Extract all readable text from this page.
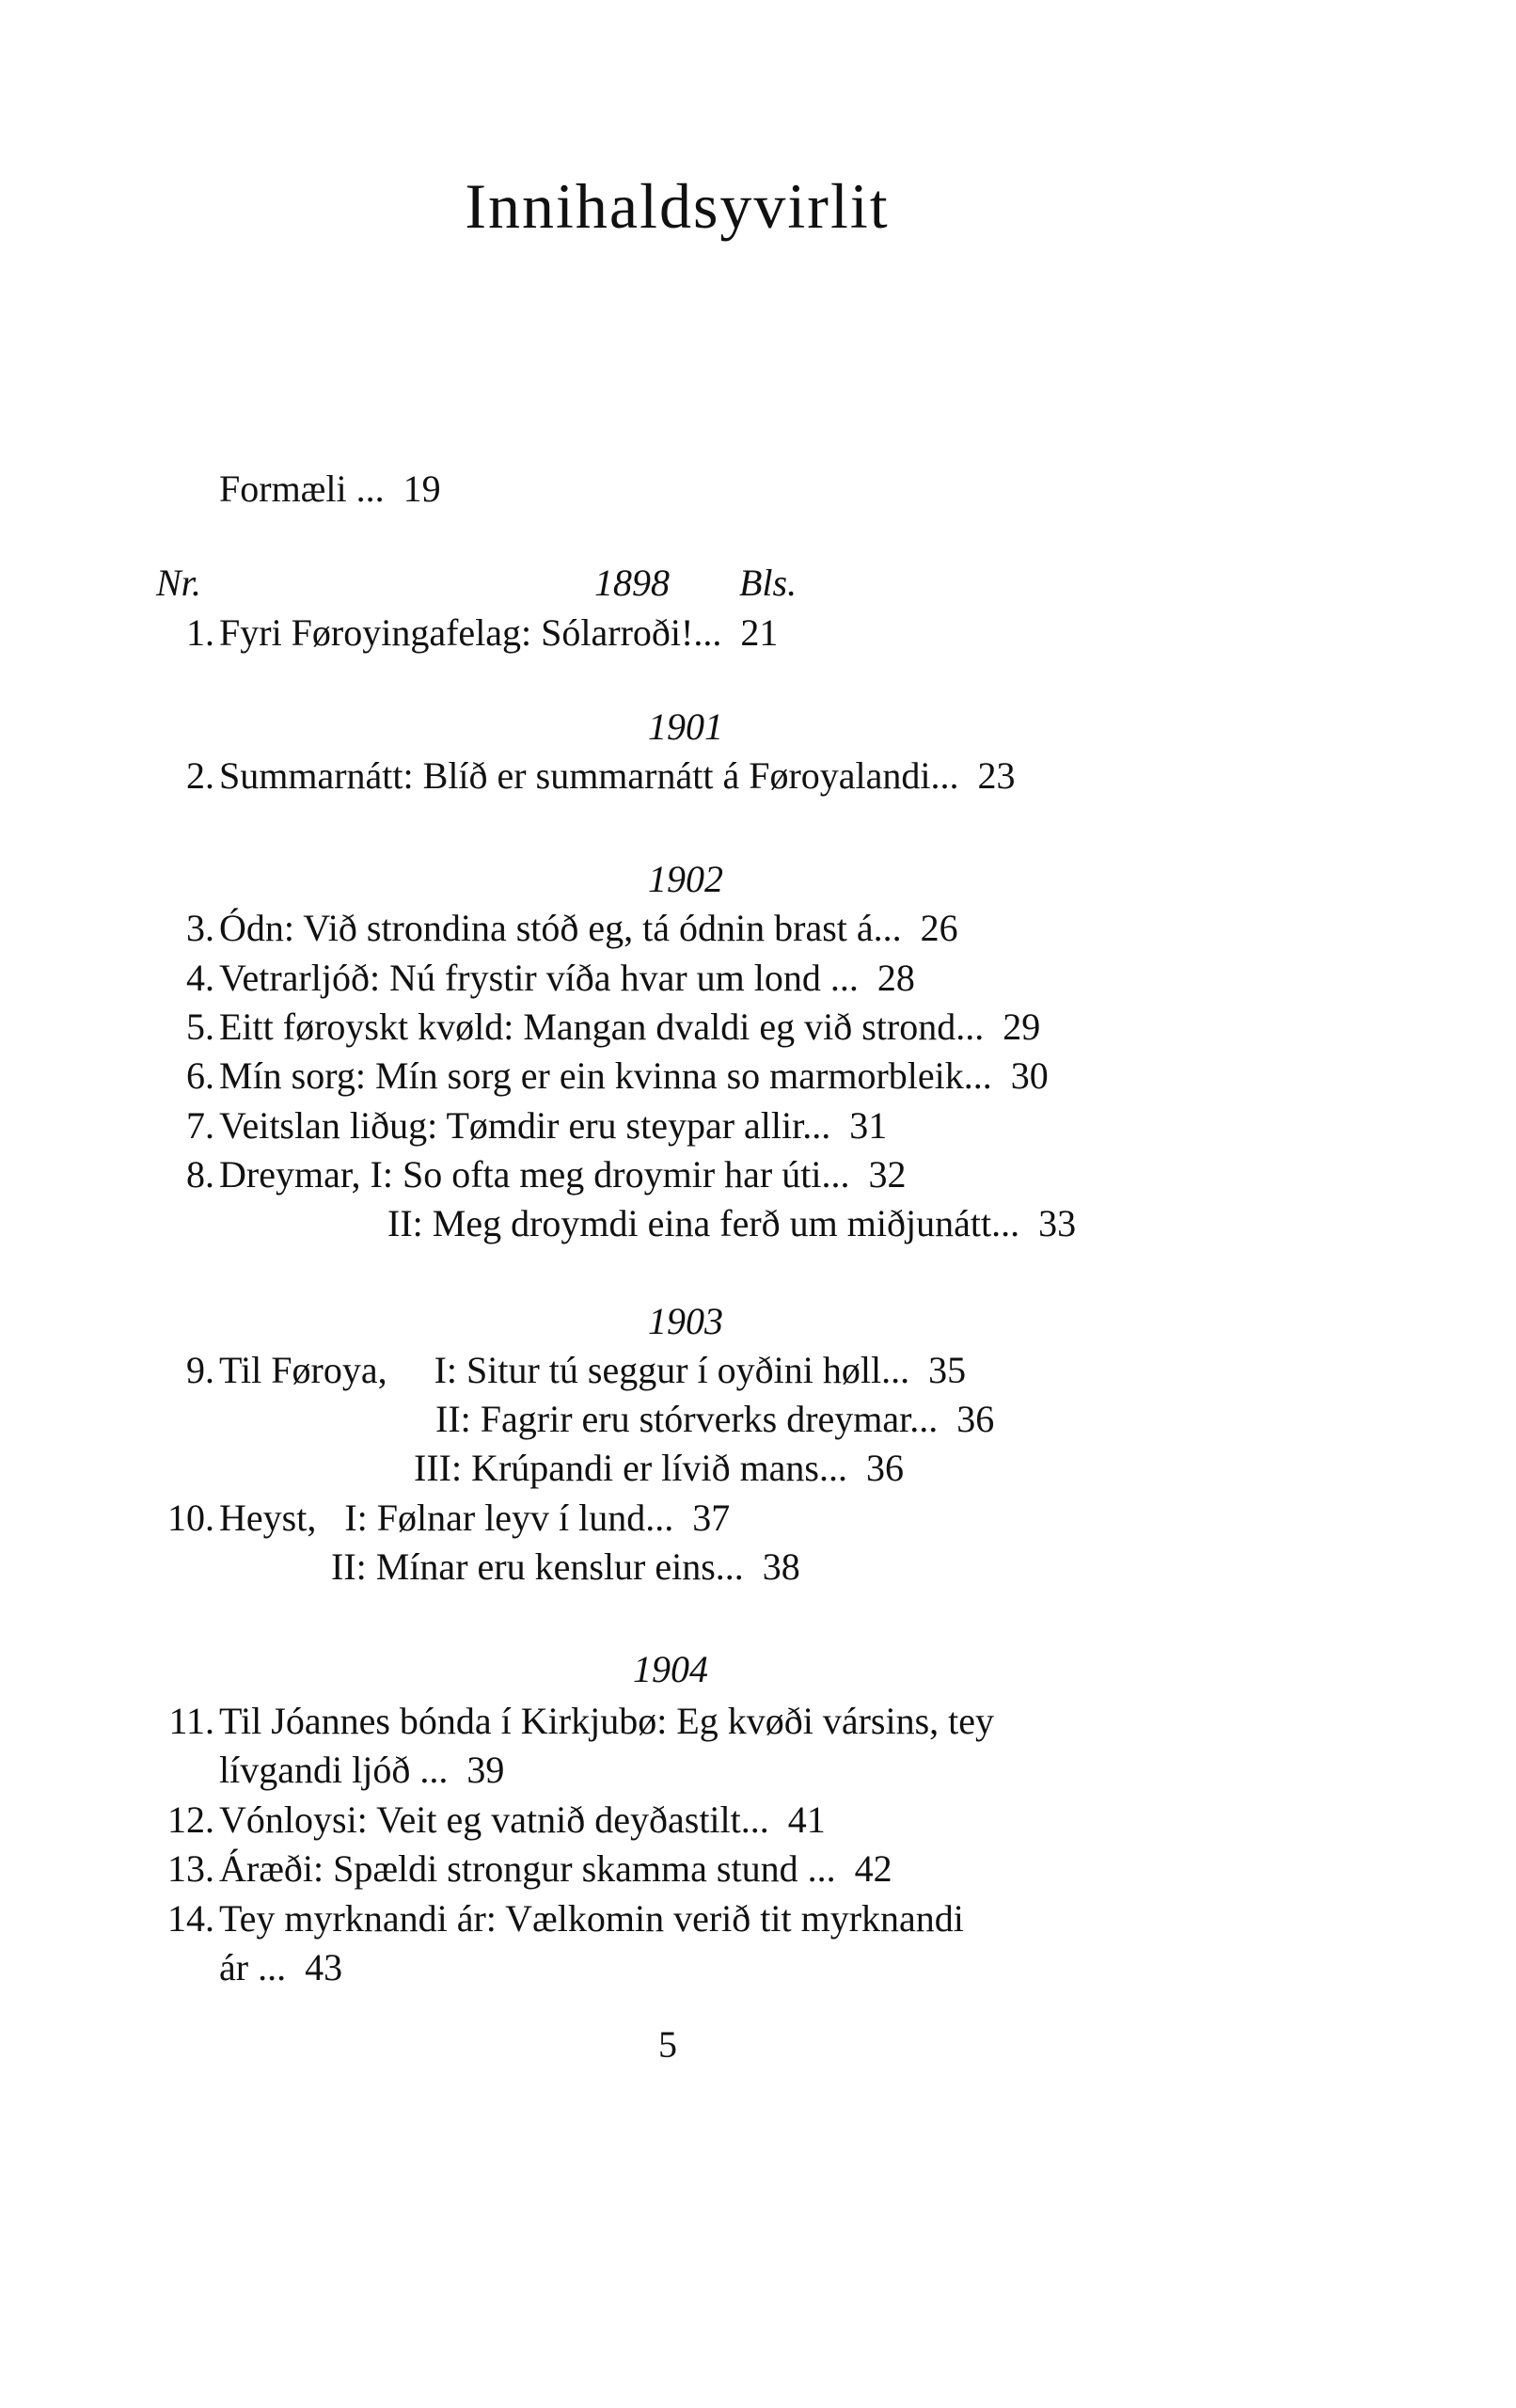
Innihaldsyvirlit
Formæli ... 19
Nr.	1898 Bls.
1. Fyri Føroyingafelag: Sólarroði!... 21
1901
2. Summarnátt: Blíð er summarnátt á Føroyalandi... 23
1902
3. Ódn: Við strondina stóð eg, tá ódnin brast á... 26
4. Vetrarljóð: Nú frystir víða hvar um lond ... 28
5. Eitt føroyskt kvøld: Mangan dvaldi eg við strond... 29
6. Mín sorg: Mín sorg er ein kvinna so marmorbleik... 30
7. Veitslan liðug: Tømdir eru steypar allir... 31
8. Dreymar, I: So ofta meg droymir har úti... 32
II: Meg droymdi eina ferð um miðjunátt... 33
1903
9. Til Føroya,     I: Situr tú seggur í oyðini høll... 35
II: Fagrir eru stórverks dreymar... 36
III: Krúpandi er lívið mans... 36
10. Heyst,   I: Følnar leyv í lund... 37
II: Mínar eru kenslur eins... 38
1904
11. Til Jóannes bónda í Kirkjubø: Eg kvøði vársins, tey
lívgandi ljóð ... 39
12. Vónloysi: Veit eg vatnið deyðastilt... 41
13. Áræði: Spældi strongur skamma stund ... 42
14. Tey myrknandi ár: Vælkomin verið tit myrknandi
ár ... 43
5
